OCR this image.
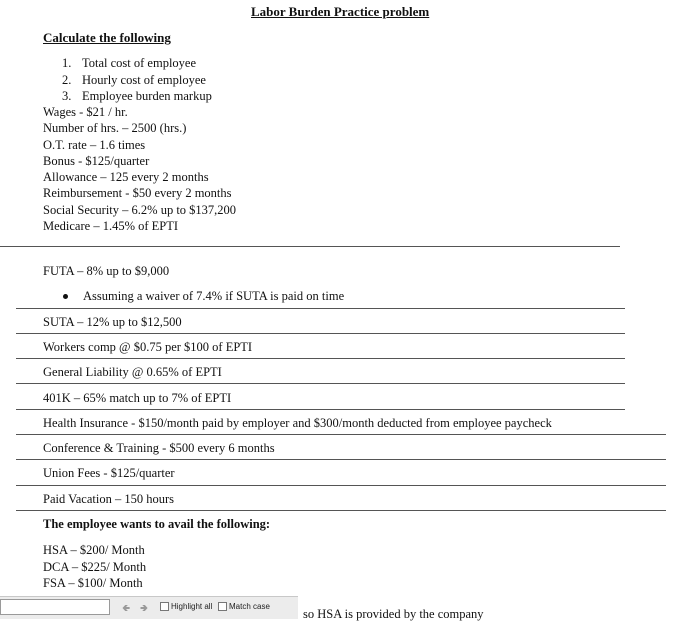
Labor Burden Practice problem
Calculate the following
1. Total cost of employee
2. Hourly cost of employee
3. Employee burden markup
Wages - $21 / hr.
Number of hrs. – 2500 (hrs.)
O.T. rate – 1.6 times
Bonus - $125/quarter
Allowance – 125 every 2 months
Reimbursement - $50 every 2 months
Social Security – 6.2% up to $137,200
Medicare – 1.45% of EPTI
FUTA – 8% up to $9,000
Assuming a waiver of 7.4% if SUTA is paid on time
SUTA – 12% up to $12,500
Workers comp @ $0.75 per $100 of EPTI
General Liability @ 0.65% of EPTI
401K – 65% match up to 7% of EPTI
Health Insurance - $150/month paid by employer and $300/month deducted from employee paycheck
Conference & Training - $500 every 6 months
Union Fees - $125/quarter
Paid Vacation – 150 hours
The employee wants to avail the following:
HSA – $200/ Month
DCA – $225/ Month
FSA – $100/ Month
so HSA is provided by the company
🢀 🢂	Highlight all	Match case
